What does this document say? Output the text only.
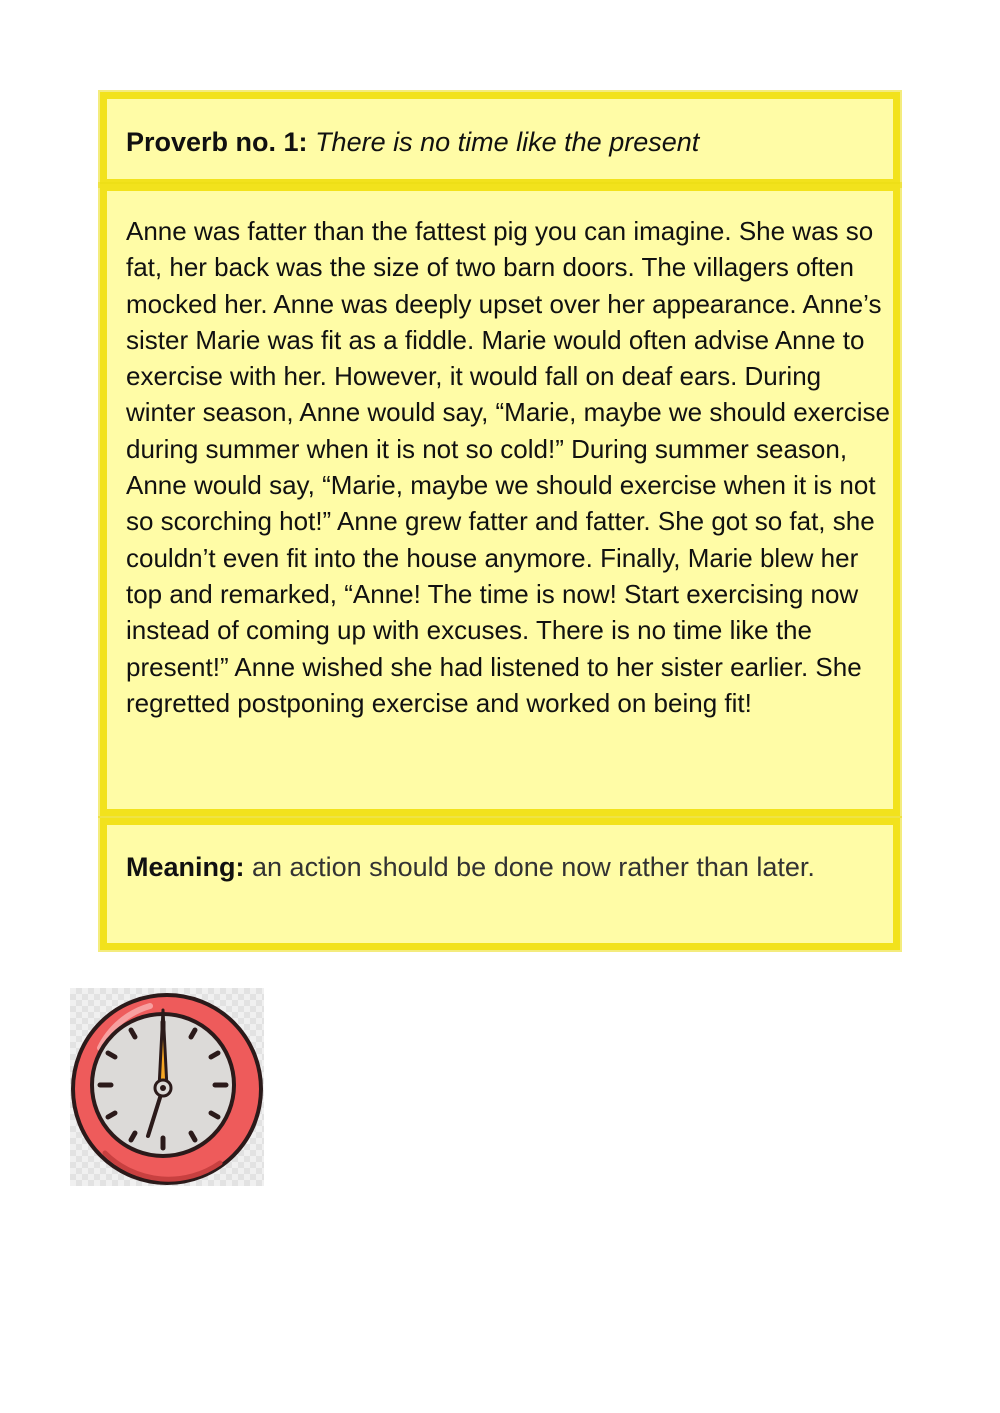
Proverb no. 1: There is no time like the present

Anne was fatter than the fattest pig you can imagine. She was so fat, her back was the size of two barn doors. The villagers often mocked her. Anne was deeply upset over her appearance. Anne’s sister Marie was fit as a fiddle. Marie would often advise Anne to exercise with her. However, it would fall on deaf ears. During winter season, Anne would say, “Marie, maybe we should exercise during summer when it is not so cold!” During summer season, Anne would say, “Marie, maybe we should exercise when it is not so scorching hot!” Anne grew fatter and fatter. She got so fat, she couldn’t even fit into the house anymore. Finally, Marie blew her top and remarked, “Anne! The time is now! Start exercising now instead of coming up with excuses. There is no time like the present!” Anne wished she had listened to her sister earlier. She regretted postponing exercise and worked on being fit!

Meaning: an action should be done now rather than later.
